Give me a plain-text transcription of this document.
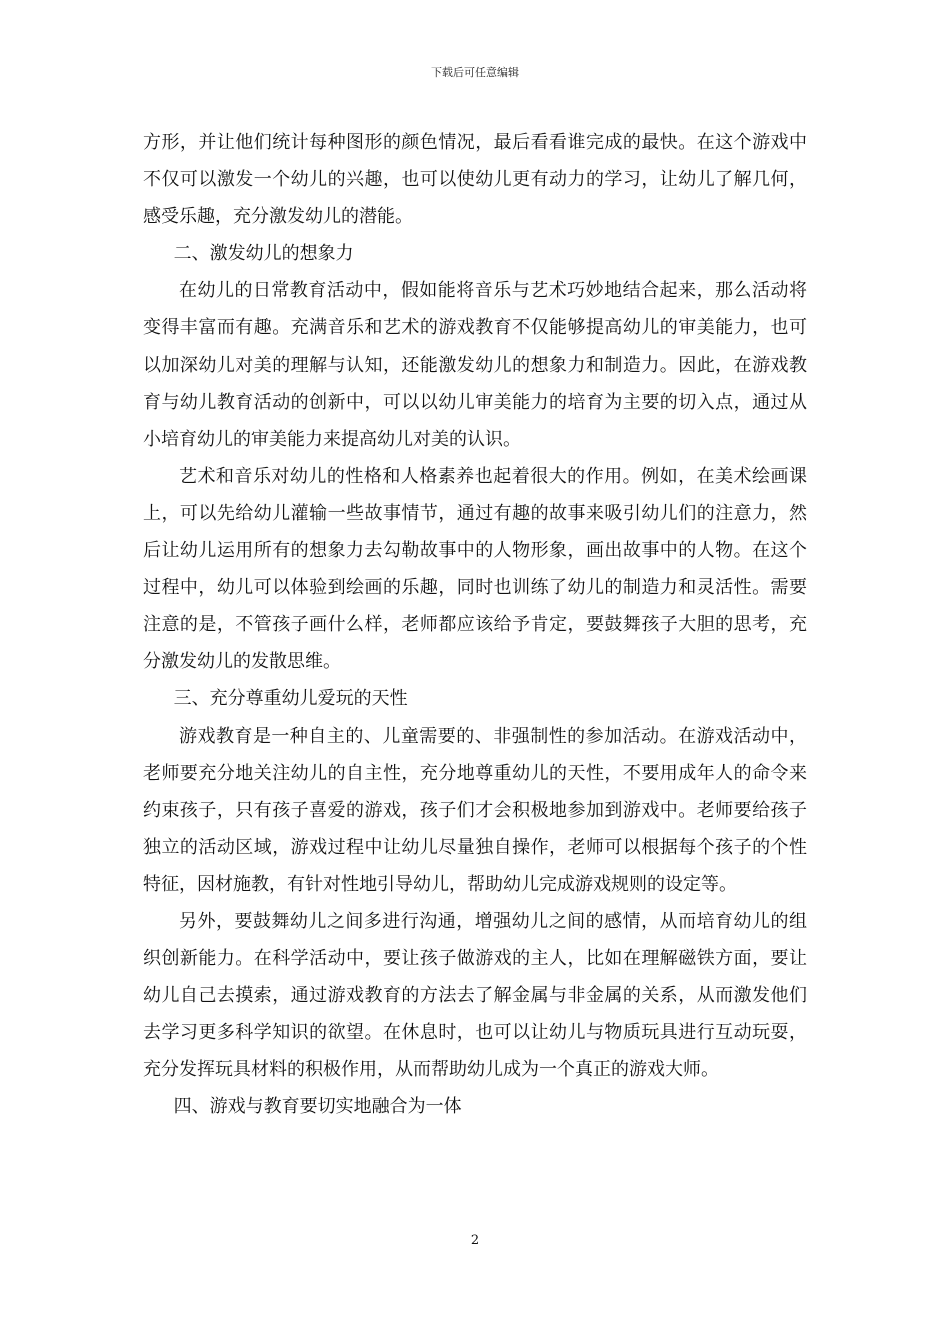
下载后可任意编辑

方形，并让他们统计每种图形的颜色情况，最后看看谁完成的最快。在这个游戏中不仅可以激发一个幼儿的兴趣，也可以使幼儿更有动力的学习，让幼儿了解几何，感受乐趣，充分激发幼儿的潜能。

二、激发幼儿的想象力

在幼儿的日常教育活动中，假如能将音乐与艺术巧妙地结合起来，那么活动将变得丰富而有趣。充满音乐和艺术的游戏教育不仅能够提高幼儿的审美能力，也可以加深幼儿对美的理解与认知，还能激发幼儿的想象力和制造力。因此，在游戏教育与幼儿教育活动的创新中，可以以幼儿审美能力的培育为主要的切入点，通过从小培育幼儿的审美能力来提高幼儿对美的认识。

艺术和音乐对幼儿的性格和人格素养也起着很大的作用。例如，在美术绘画课上，可以先给幼儿灌输一些故事情节，通过有趣的故事来吸引幼儿们的注意力，然后让幼儿运用所有的想象力去勾勒故事中的人物形象，画出故事中的人物。在这个过程中，幼儿可以体验到绘画的乐趣，同时也训练了幼儿的制造力和灵活性。需要注意的是，不管孩子画什么样，老师都应该给予肯定，要鼓舞孩子大胆的思考，充分激发幼儿的发散思维。

三、充分尊重幼儿爱玩的天性

游戏教育是一种自主的、儿童需要的、非强制性的参加活动。在游戏活动中，老师要充分地关注幼儿的自主性，充分地尊重幼儿的天性，不要用成年人的命令来约束孩子，只有孩子喜爱的游戏，孩子们才会积极地参加到游戏中。老师要给孩子独立的活动区域，游戏过程中让幼儿尽量独自操作，老师可以根据每个孩子的个性特征，因材施教，有针对性地引导幼儿，帮助幼儿完成游戏规则的设定等。

另外，要鼓舞幼儿之间多进行沟通，增强幼儿之间的感情，从而培育幼儿的组织创新能力。在科学活动中，要让孩子做游戏的主人，比如在理解磁铁方面，要让幼儿自己去摸索，通过游戏教育的方法去了解金属与非金属的关系，从而激发他们去学习更多科学知识的欲望。在休息时，也可以让幼儿与物质玩具进行互动玩耍，充分发挥玩具材料的积极作用，从而帮助幼儿成为一个真正的游戏大师。

四、游戏与教育要切实地融合为一体

2
